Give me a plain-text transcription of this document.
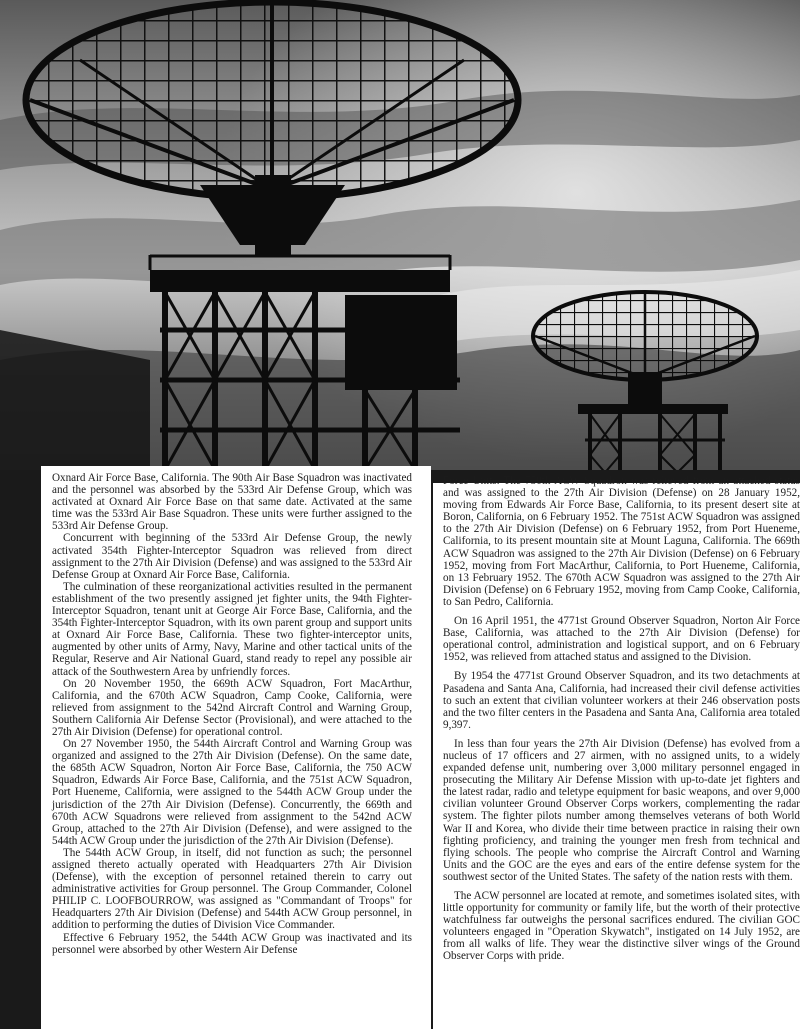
Oxnard Air Force Base, California. The 90th Air Base Squadron was inactivated and the personnel was absorbed by the 533rd Air Defense Group, which was activated at Oxnard Air Force Base on that same date. Activated at the same time was the 533rd Air Base Squadron. These units were further assigned to the 533rd Air Defense Group.

Concurrent with beginning of the 533rd Air Defense Group, the newly activated 354th Fighter-Interceptor Squadron was relieved from direct assignment to the 27th Air Division (Defense) and was assigned to the 533rd Air Defense Group at Oxnard Air Force Base, California.

The culmination of these reorganizational activities resulted in the permanent establishment of the two presently assigned jet fighter units, the 94th Fighter-Interceptor Squadron, tenant unit at George Air Force Base, California, and the 354th Fighter-Interceptor Squadron, with its own parent group and support units at Oxnard Air Force Base, California. These two fighter-interceptor units, augmented by other units of Army, Navy, Marine and other tactical units of the Regular, Reserve and Air National Guard, stand ready to repel any possible air attack of the Southwestern Area by unfriendly forces.

On 20 November 1950, the 669th ACW Squadron, Fort MacArthur, California, and the 670th ACW Squadron, Camp Cooke, California, were relieved from assignment to the 542nd Aircraft Control and Warning Group, Southern California Air Defense Sector (Provisional), and were attached to the 27th Air Division (Defense) for operational control.

On 27 November 1950, the 544th Aircraft Control and Warning Group was organized and assigned to the 27th Air Division (Defense). On the same date, the 685th ACW Squadron, Norton Air Force Base, California, the 750 ACW Squadron, Edwards Air Force Base, California, and the 751st ACW Squadron, Port Hueneme, California, were assigned to the 544th ACW Group under the jurisdiction of the 27th Air Division (Defense). Concurrently, the 669th and 670th ACW Squadrons were relieved from assignment to the 542nd ACW Group, attached to the 27th Air Division (Defense), and were assigned to the 544th ACW Group under the jurisdiction of the 27th Air Division (Defense).

The 544th ACW Group, in itself, did not function as such; the personnel assigned thereto actually operated with Headquarters 27th Air Division (Defense), with the exception of personnel retained therein to carry out administrative activities for Group personnel. The Group Commander, Colonel PHILIP C. LOOFBOURROW, was assigned as "Commandant of Troops" for Headquarters 27th Air Division (Defense) and 544th ACW Group personnel, in addition to performing the duties of Division Vice Commander.

Effective 6 February 1952, the 544th ACW Group was inactivated and its personnel were absorbed by other Western Air Defense

Force Units. The 750th ACW Squadron was relieved from an attached status and was assigned to the 27th Air Division (Defense) on 28 January 1952, moving from Edwards Air Force Base, California, to its present desert site at Boron, California, on 6 February 1952. The 751st ACW Squadron was assigned to the 27th Air Division (Defense) on 6 February 1952, from Port Hueneme, California, to its present mountain site at Mount Laguna, California. The 669th ACW Squadron was assigned to the 27th Air Division (Defense) on 6 February 1952, moving from Fort MacArthur, California, to Port Hueneme, California, on 13 February 1952. The 670th ACW Squadron was assigned to the 27th Air Division (Defense) on 6 February 1952, moving from Camp Cooke, California, to San Pedro, California.

On 16 April 1951, the 4771st Ground Observer Squadron, Norton Air Force Base, California, was attached to the 27th Air Division (Defense) for operational control, administration and logistical support, and on 6 February 1952, was relieved from attached status and assigned to the Division.

By 1954 the 4771st Ground Observer Squadron, and its two detachments at Pasadena and Santa Ana, California, had increased their civil defense activities to such an extent that civilian volunteer workers at their 246 observation posts and the two filter centers in the Pasadena and Santa Ana, California area totaled 9,397.

In less than four years the 27th Air Division (Defense) has evolved from a nucleus of 17 officers and 27 airmen, with no assigned units, to a widely expanded defense unit, numbering over 3,000 military personnel engaged in prosecuting the Military Air Defense Mission with up-to-date jet fighters and the latest radar, radio and teletype equipment for basic weapons, and over 9,000 civilian volunteer Ground Observer Corps workers, complementing the radar system. The fighter pilots number among themselves veterans of both World War II and Korea, who divide their time between practice in raising their own fighting proficiency, and training the younger men fresh from technical and flying schools. The people who comprise the Aircraft Control and Warning Units and the GOC are the eyes and ears of the entire defense system for the southwest sector of the United States. The safety of the nation rests with them.

The ACW personnel are located at remote, and sometimes isolated sites, with little opportunity for community or family life, but the worth of their protective watchfulness far outweighs the personal sacrifices endured. The civilian GOC volunteers engaged in "Operation Skywatch", instigated on 14 July 1952, are from all walks of life. They wear the distinctive silver wings of the Ground Observer Corps with pride.
